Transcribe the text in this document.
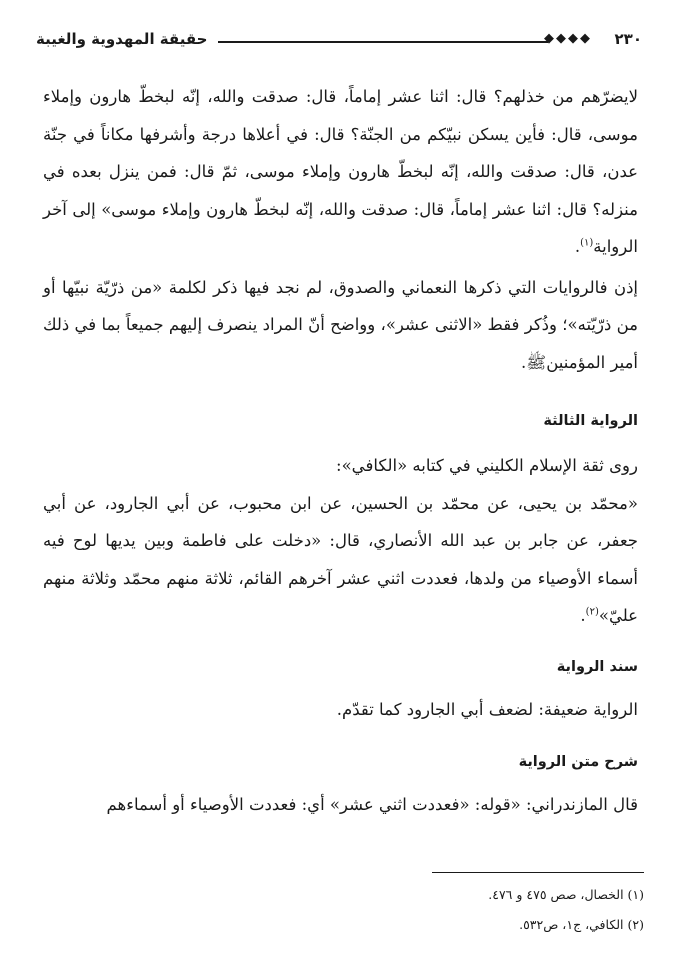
حقيقة المهدوية والغيبة	◆◆◆◆ ٢٣٠

لايضرّهم من خذلهم؟ قال: اثنا عشر إماماً، قال: صدقت والله، إنّه لبخطّ هارون وإملاء موسى، قال: فأين يسكن نبيّكم من الجنّة؟ قال: في أعلاها درجة وأشرفها مكاناً في جنّة عدن، قال: صدقت والله، إنّه لبخطّ هارون وإملاء موسى، ثمّ قال: فمن ينزل بعده في منزله؟ قال: اثنا عشر إماماً، قال: صدقت والله، إنّه لبخطّ هارون وإملاء موسى» إلى آخر الرواية$^{(١)}$.

إذن فالروايات التي ذكرها النعماني والصدوق، لم نجد فيها ذكر لكلمة «من ذرّيّة نبيّها أو من ذرّيّته»؛ وذُكر فقط «الاثنى عشر»، وواضح أنّ المراد ينصرف إليهم جميعاً بما في ذلك أمير المؤمنينﷺ.

الرواية الثالثة

روى ثقة الإسلام الكليني في كتابه «الكافي»:

«محمّد بن يحيى، عن محمّد بن الحسين، عن ابن محبوب، عن أبي الجارود، عن أبي جعفر، عن جابر بن عبد الله الأنصاري، قال: «دخلت على فاطمة وبين يديها لوح فيه أسماء الأوصياء من ولدها، فعددت اثني عشر آخرهم القائم، ثلاثة منهم محمّد وثلاثة منهم عليّ»$^{(٢)}$.

سند الرواية

الرواية ضعيفة: لضعف أبي الجارود كما تقدّم.

شرح متن الرواية

قال المازندراني: «قوله: «فعددت اثني عشر» أي: فعددت الأوصياء أو أسماءهم

(١) الخصال، صص ٤٧٥ و ٤٧٦.

(٢) الكافي، ج١، ص٥٣٢.
